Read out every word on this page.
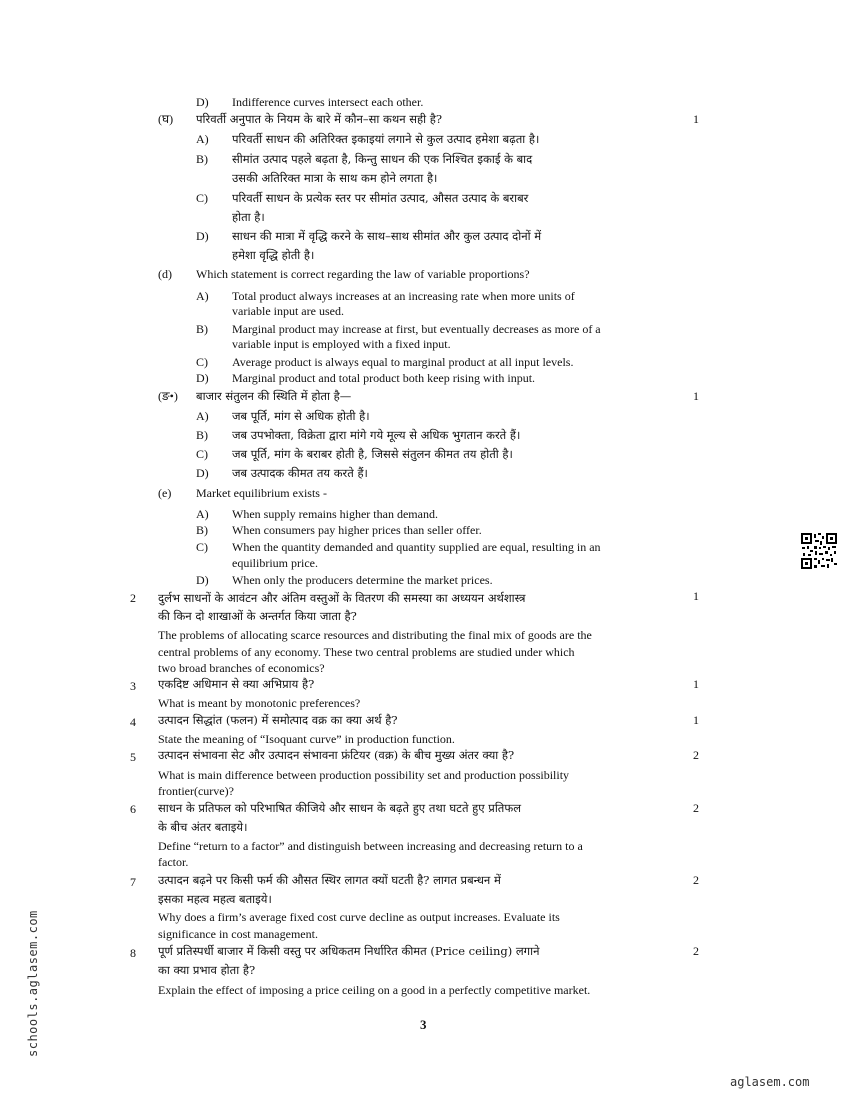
D) Indifference curves intersect each other.
(घ) परिवर्ती अनुपात के नियम के बारे में कौन–सा कथन सही है?	1
A) परिवर्ती साधन की अतिरिक्त इकाइयां लगाने से कुल उत्पाद हमेशा बढ़ता है।
B) सीमांत उत्पाद पहले बढ़ता है, किन्तु साधन की एक निश्चित इकाई के बाद
उसकी अतिरिक्त मात्रा के साथ कम होने लगता है।
C) परिवर्ती साधन के प्रत्येक स्तर पर सीमांत उत्पाद, औसत उत्पाद के बराबर
होता है।
D) साधन की मात्रा में वृद्धि करने के साथ–साथ सीमांत और कुल उत्पाद दोनों में
हमेशा वृद्धि होती है।
(d) Which statement is correct regarding the law of variable proportions?
A) Total product always increases at an increasing rate when more units of
variable input are used.
B) Marginal product may increase at first, but eventually decreases as more of a
variable input is employed with a fixed input.
C) Average product is always equal to marginal product at all input levels.
D) Marginal product and total product both keep rising with input.
(ङ•) बाजार संतुलन की स्थिति में होता है—	1
A) जब पूर्ति, मांग से अधिक होती है।
B) जब उपभोक्ता, विक्रेता द्वारा मांगे गये मूल्य से अधिक भुगतान करते हैं।
C) जब पूर्ति, मांग के बराबर होती है, जिससे संतुलन कीमत तय होती है।
D) जब उत्पादक कीमत तय करते हैं।
(e) Market equilibrium exists -
A) When supply remains higher than demand.
B) When consumers pay higher prices than seller offer.
C) When the quantity demanded and quantity supplied are equal, resulting in an
equilibrium price.
D) When only the producers determine the market prices.
2 दुर्लभ साधनों के आवंटन और अंतिम वस्तुओं के वितरण की समस्या का अध्ययन अर्थशास्त्र	1
की किन दो शाखाओं के अन्तर्गत किया जाता है?
The problems of allocating scarce resources and distributing the final mix of goods are the
central problems of any economy. These two central problems are studied under which
two broad branches of economics?
3 एकदिष्ट अधिमान से क्या अभिप्राय है?	1
What is meant by monotonic preferences?
4 उत्पादन सिद्धांत (फलन) में समोत्पाद वक्र का क्या अर्थ है?	1
State the meaning of “Isoquant curve” in production function.
5 उत्पादन संभावना सेट और उत्पादन संभावना फ्रंटियर (वक्र) के बीच मुख्य अंतर क्या है?	2
What is main difference between production possibility set and production possibility
frontier(curve)?
6 साधन के प्रतिफल को परिभाषित कीजिये और साधन के बढ़ते हुए तथा घटते हुए प्रतिफल	2
के बीच अंतर बताइये।
Define “return to a factor” and distinguish between increasing and decreasing return to a
factor.
7 उत्पादन बढ़ने पर किसी फर्म की औसत स्थिर लागत क्यों घटती है? लागत प्रबन्धन में	2
इसका महत्व महत्व बताइये।
Why does a firm’s average fixed cost curve decline as output increases. Evaluate its
significance in cost management.
8 पूर्ण प्रतिस्पर्धी बाजार में किसी वस्तु पर अधिकतम निर्धारित कीमत (Price ceiling) लगाने	2
का क्या प्रभाव होता है?
Explain the effect of imposing a price ceiling on a good in a perfectly competitive market.
3
schools.aglasem.com
aglasem.com
